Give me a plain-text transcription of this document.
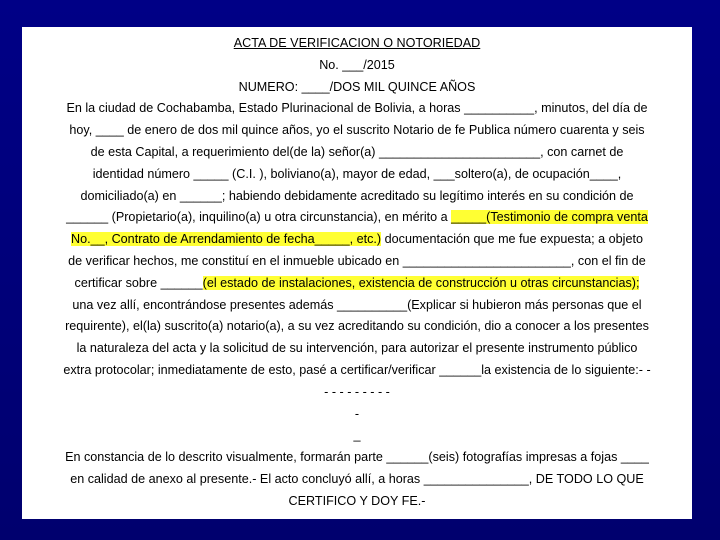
ACTA DE VERIFICACION O NOTORIEDAD
No. ___/2015
NUMERO: ____/DOS MIL QUINCE AÑOS
En la ciudad de Cochabamba, Estado Plurinacional de Bolivia, a horas __________, minutos, del día de
hoy, ____ de enero de dos mil quince años, yo el suscrito Notario de fe Publica número cuarenta y seis
de esta Capital, a requerimiento del(de la) señor(a) _______________________, con carnet de
identidad número _____ (C.I. ), boliviano(a), mayor de edad, ___soltero(a), de ocupación____,
domiciliado(a) en ______; habiendo debidamente acreditado su legítimo interés en su condición de
______ (Propietario(a), inquilino(a) u otra circunstancia), en mérito a _____(Testimonio de compra venta
No.__, Contrato de Arrendamiento de fecha_____, etc.) documentación que me fue expuesta; a objeto
de verificar hechos, me constituí en el inmueble ubicado en ________________________, con el fin de
certificar sobre ______(el estado de instalaciones, existencia de construcción u otras circunstancias);
una vez allí, encontrándose presentes además __________(Explicar si hubieron más personas que el
requirente), el(la) suscrito(a) notario(a), a su vez acreditando su condición, dio a conocer a los presentes
la naturaleza del acta y la solicitud de su intervención, para autorizar el presente instrumento público
extra protocolar; inmediatamente de esto, pasé a certificar/verificar ______la existencia de lo siguiente:- -
- - - - - - - - -
-
_
En constancia de lo descrito visualmente, formarán parte ______(seis) fotografías impresas a fojas ____
en calidad de anexo al presente.- El acto concluyó allí, a horas _______________, DE TODO LO QUE
CERTIFICO Y DOY FE.-
